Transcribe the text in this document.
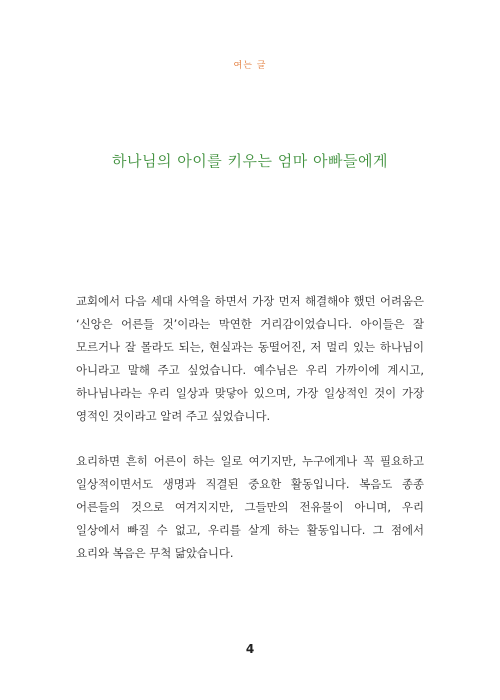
여는 글
하나님의 아이를 키우는 엄마 아빠들에게

교회에서 다음 세대 사역을 하면서 가장 먼저 해결해야 했던 어려움은 ‘신앙은 어른들 것’이라는 막연한 거리감이었습니다. 아이들은 잘 모르거나 잘 몰라도 되는, 현실과는 동떨어진, 저 멀리 있는 하나님이 아니라고 말해 주고 싶었습니다. 예수님은 우리 가까이에 계시고, 하나님나라는 우리 일상과 맞닿아 있으며, 가장 일상적인 것이 가장 영적인 것이라고 알려 주고 싶었습니다.

요리하면 흔히 어른이 하는 일로 여기지만, 누구에게나 꼭 필요하고 일상적이면서도 생명과 직결된 중요한 활동입니다. 복음도 종종 어른들의 것으로 여겨지지만, 그들만의 전유물이 아니며, 우리 일상에서 빠질 수 없고, 우리를 살게 하는 활동입니다. 그 점에서 요리와 복음은 무척 닮았습니다.

4
